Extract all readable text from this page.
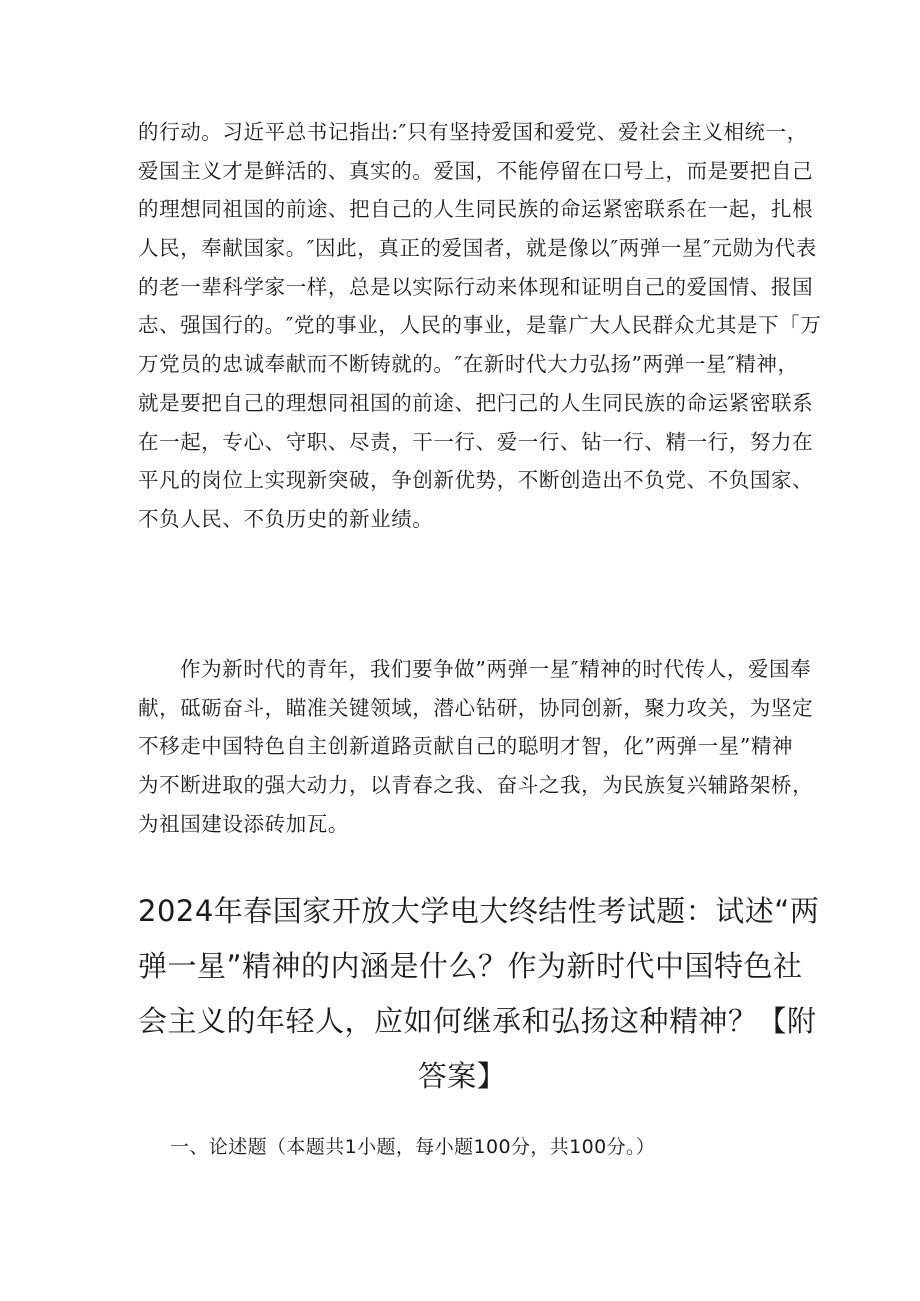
的行动。习近平总书记指出:″只有坚持爱国和爱党、爱社会主义相统一，
爱国主义才是鲜活的、真实的。爱国，不能停留在口号上，而是要把自己
的理想同祖国的前途、把自己的人生同民族的命运紧密联系在一起，扎根
人民，奉献国家。″因此，真正的爱国者，就是像以″两弹一星″元勋为代表
的老一辈科学家一样，总是以实际行动来体现和证明自己的爱国情、报国
志、强国行的。″党的事业，人民的事业，是靠广大人民群众尤其是下「万
万党员的忠诚奉献而不断铸就的。″在新时代大力弘扬”两弹一星″精神，
就是要把自己的理想同祖国的前途、把闩己的人生同民族的命运紧密联系
在一起，专心、守职、尽责，干一行、爱一行、钻一行、精一行，努力在
平凡的岗位上实现新突破，争创新优势，不断创造出不负党、不负国家、
不负人民、不负历史的新业绩。
作为新时代的青年，我们要争做”两弹一星″精神的时代传人，爱国奉
献，砥砺奋斗，瞄准关键领域，潜心钻研，协同创新，聚力攻关，为坚定
不移走中国特色自主创新道路贡献自己的聪明才智，化”两弹一星”精神
为不断进取的强大动力，以青春之我、奋斗之我，为民族复兴辅路架桥，
为祖国建设添砖加瓦。
2024年春国家开放大学电大终结性考试题：试述“两
弹一星”精神的内涵是什么？作为新时代中国特色社
会主义的年轻人，应如何继承和弘扬这种精神？【附
答案】
一、论述题（本题共1小题，每小题100分，共100分。）
